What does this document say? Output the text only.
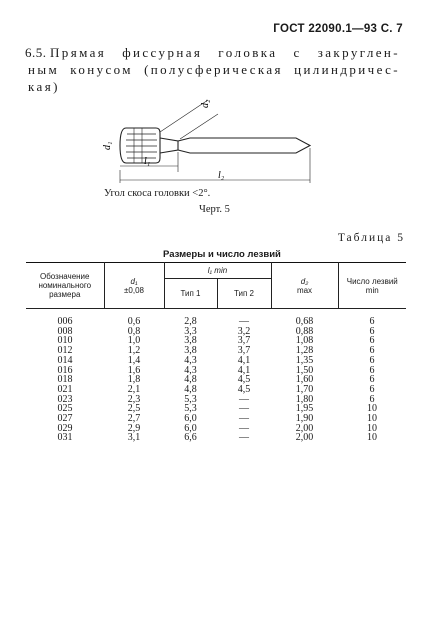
ГОСТ 22090.1—93 С. 7
6.5. Прямая фиссурная головка с закруглен-
ным конусом (полусферическая цилиндричес-
кая)
l₁
l₂
d₁
d₂
Угол скоса головки <2°.
Черт. 5
Таблица 5
Размеры и число лезвий
Обозначение номинального размера	d₁
±0,08	l₁ min		d₂
max	Число лезвий min
		Тип 1	Тип 2		
006	0,6	2,8	—	0,68	6
008	0,8	3,3	3,2	0,88	6
010	1,0	3,8	3,7	1,08	6
012	1,2	3,8	3,7	1,28	6
014	1,4	4,3	4,1	1,35	6
016	1,6	4,3	4,1	1,50	6
018	1,8	4,8	4,5	1,60	6
021	2,1	4,8	4,5	1,70	6
023	2,3	5,3	—	1,80	6
025	2,5	5,3	—	1,95	10
027	2,7	6,0	—	1,90	10
029	2,9	6,0	—	2,00	10
031	3,1	6,6	—	2,00	10
